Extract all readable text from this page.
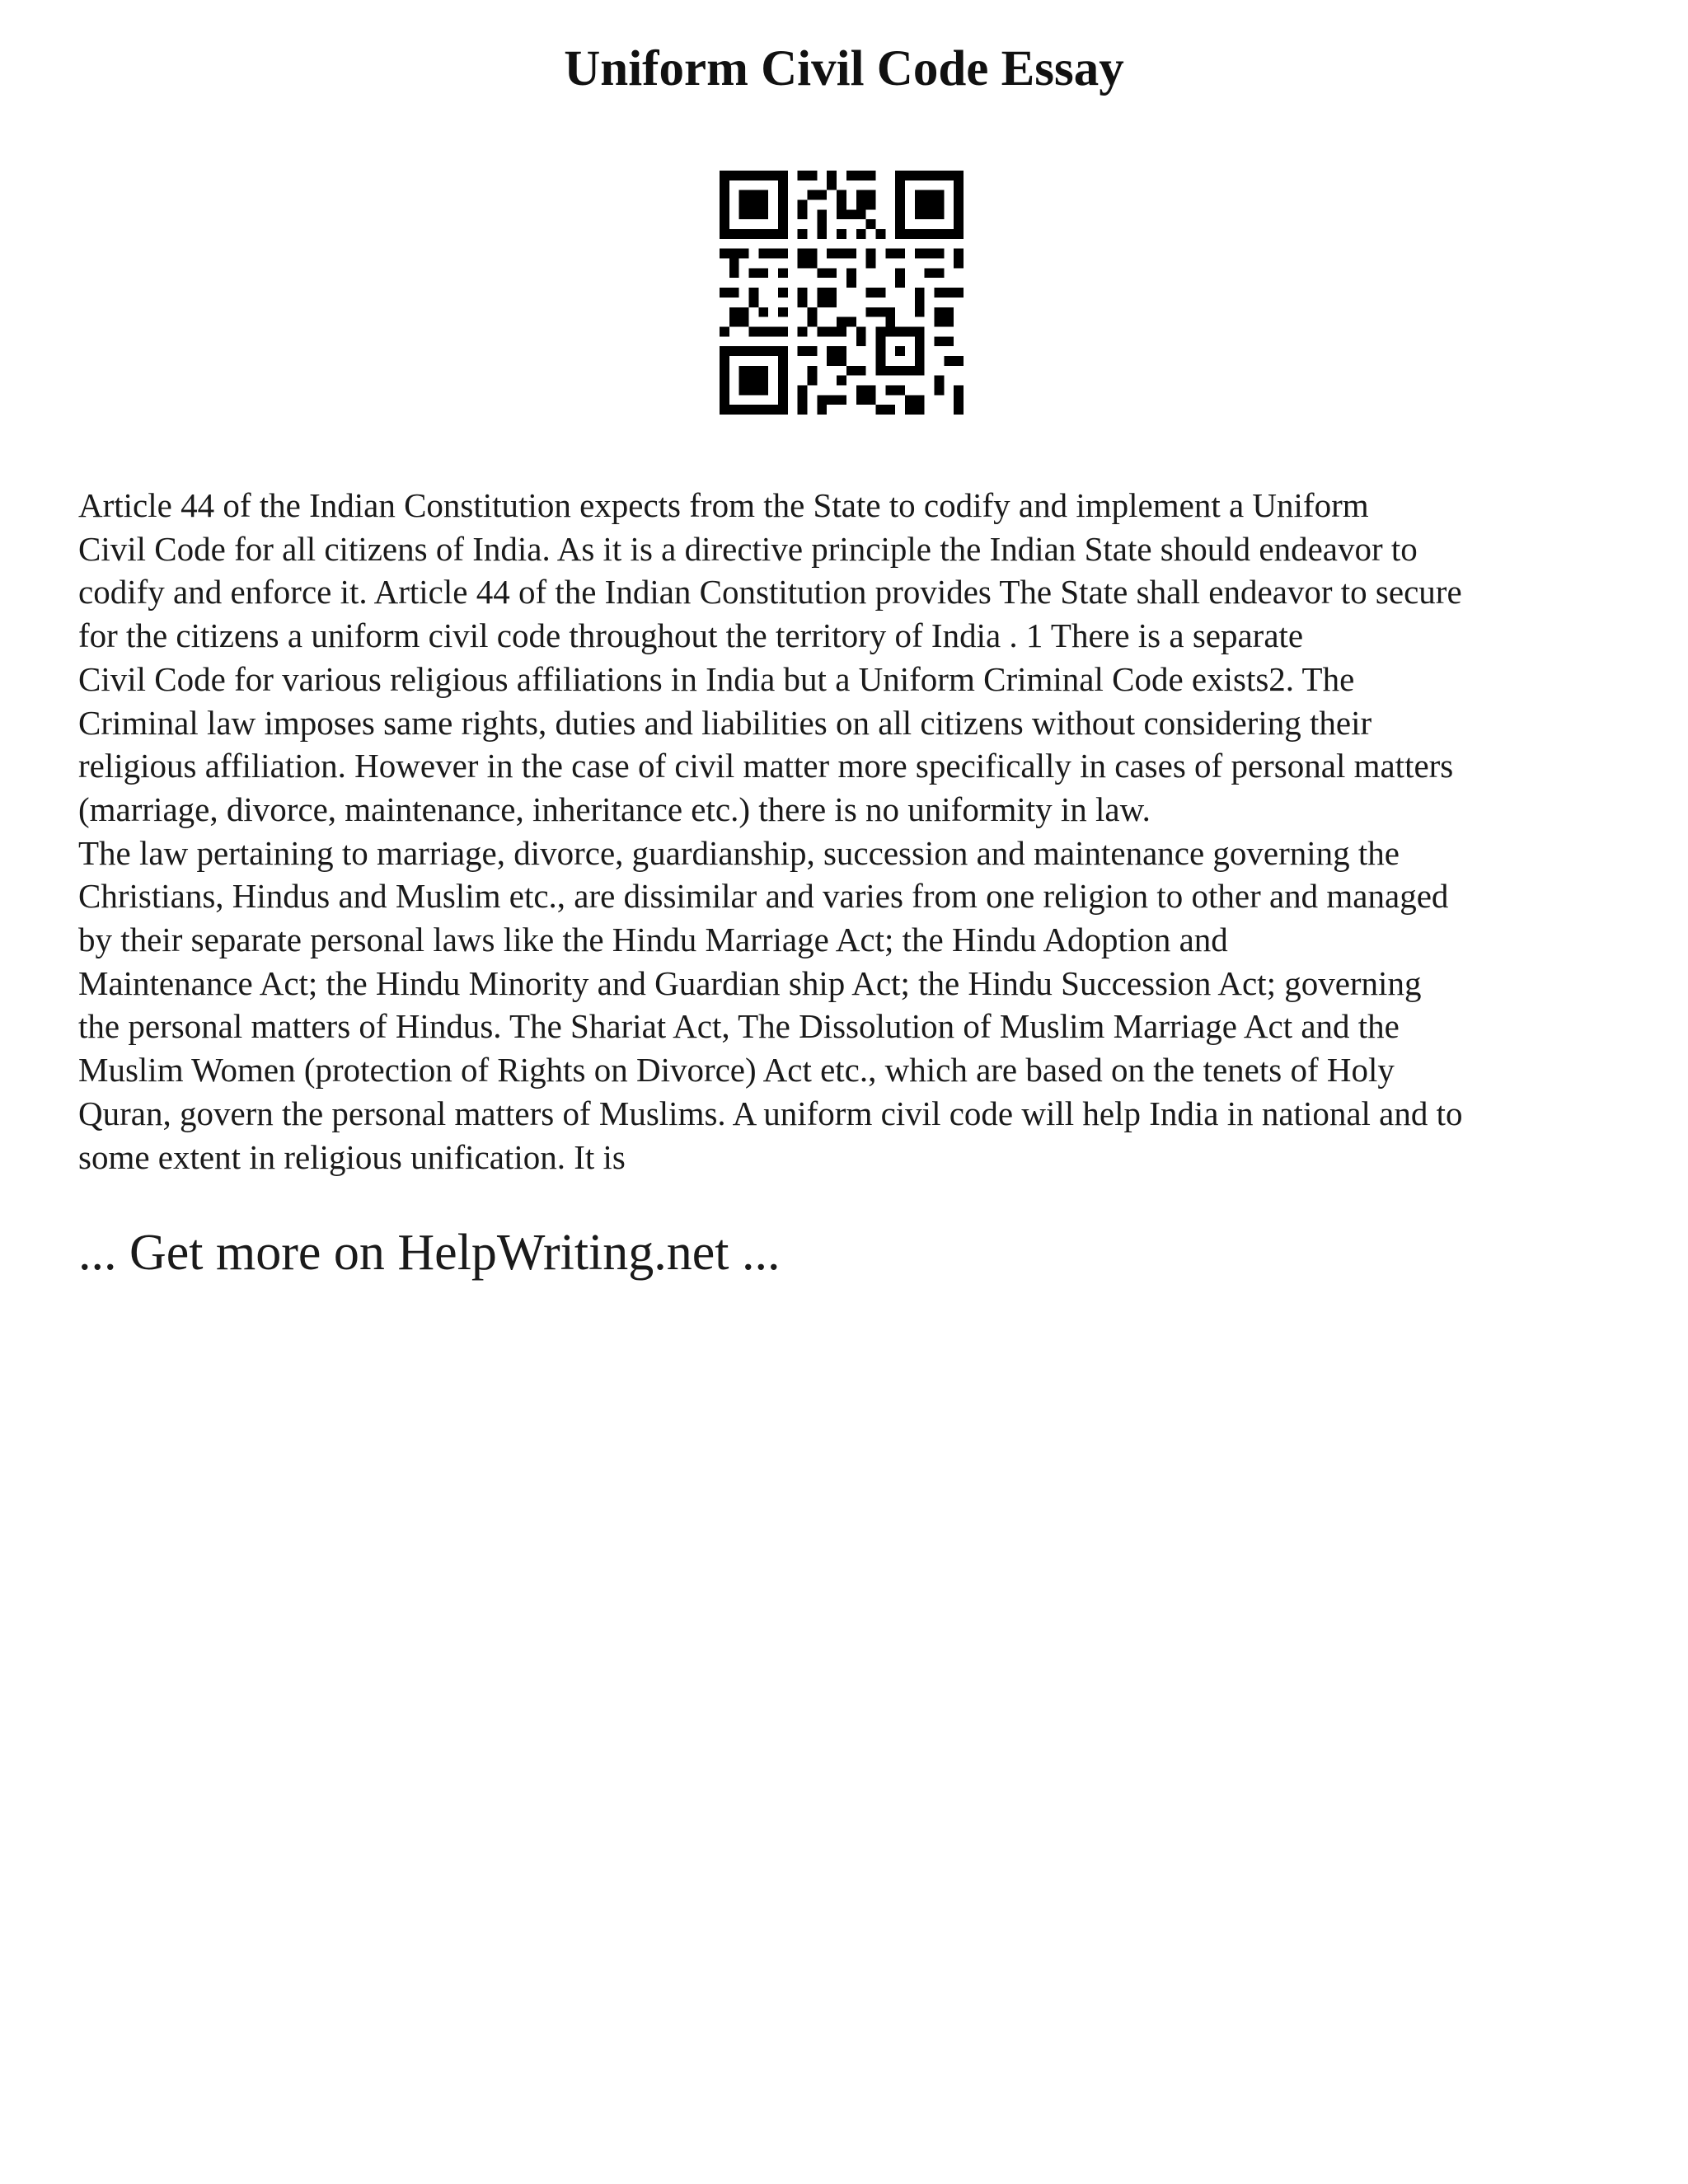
Uniform Civil Code Essay
Article 44 of the Indian Constitution expects from the State to codify and implement a Uniform
Civil Code for all citizens of India. As it is a directive principle the Indian State should endeavor to
codify and enforce it. Article 44 of the Indian Constitution provides The State shall endeavor to secure
for the citizens a uniform civil code throughout the territory of India . 1 There is a separate
Civil Code for various religious affiliations in India but a Uniform Criminal Code exists2. The
Criminal law imposes same rights, duties and liabilities on all citizens without considering their
religious affiliation. However in the case of civil matter more specifically in cases of personal matters
(marriage, divorce, maintenance, inheritance etc.) there is no uniformity in law.
The law pertaining to marriage, divorce, guardianship, succession and maintenance governing the
Christians, Hindus and Muslim etc., are dissimilar and varies from one religion to other and managed
by their separate personal laws like the Hindu Marriage Act; the Hindu Adoption and
Maintenance Act; the Hindu Minority and Guardian ship Act; the Hindu Succession Act; governing
the personal matters of Hindus. The Shariat Act, The Dissolution of Muslim Marriage Act and the
Muslim Women (protection of Rights on Divorce) Act etc., which are based on the tenets of Holy
Quran, govern the personal matters of Muslims. A uniform civil code will help India in national and to
some extent in religious unification. It is
... Get more on HelpWriting.net ...
